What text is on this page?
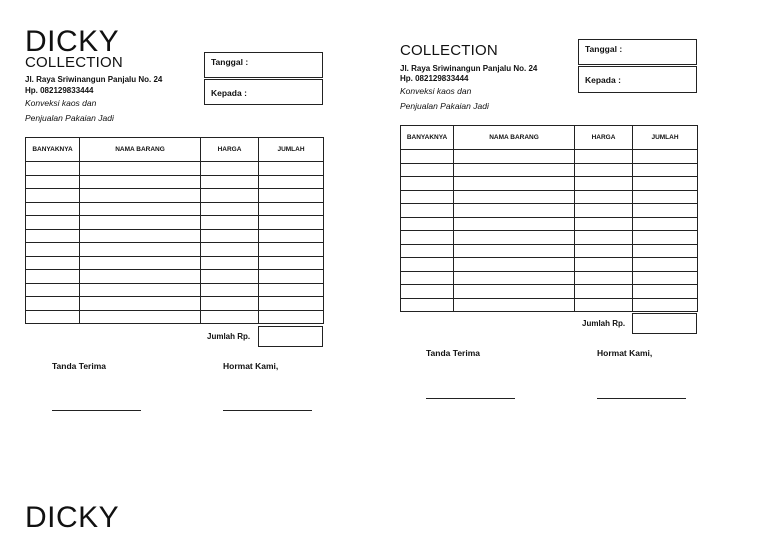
DICKY
COLLECTION
Jl. Raya Sriwinangun Panjalu No. 24
Hp. 082129833444
Konveksi kaos dan
Penjualan Pakaian Jadi
Tanggal :
Kepada :
BANYAKNYA	NAMA BARANG	HARGA	JUMLAH

Jumlah Rp.
Tanda Terima	Hormat Kami,
COLLECTION
Jl. Raya Sriwinangun Panjalu No. 24
Hp. 082129833444
Konveksi kaos dan
Penjualan Pakaian Jadi
Tanggal :
Kepada :
BANYAKNYA	NAMA BARANG	HARGA	JUMLAH

Jumlah Rp.
Tanda Terima	Hormat Kami,
DICKY
